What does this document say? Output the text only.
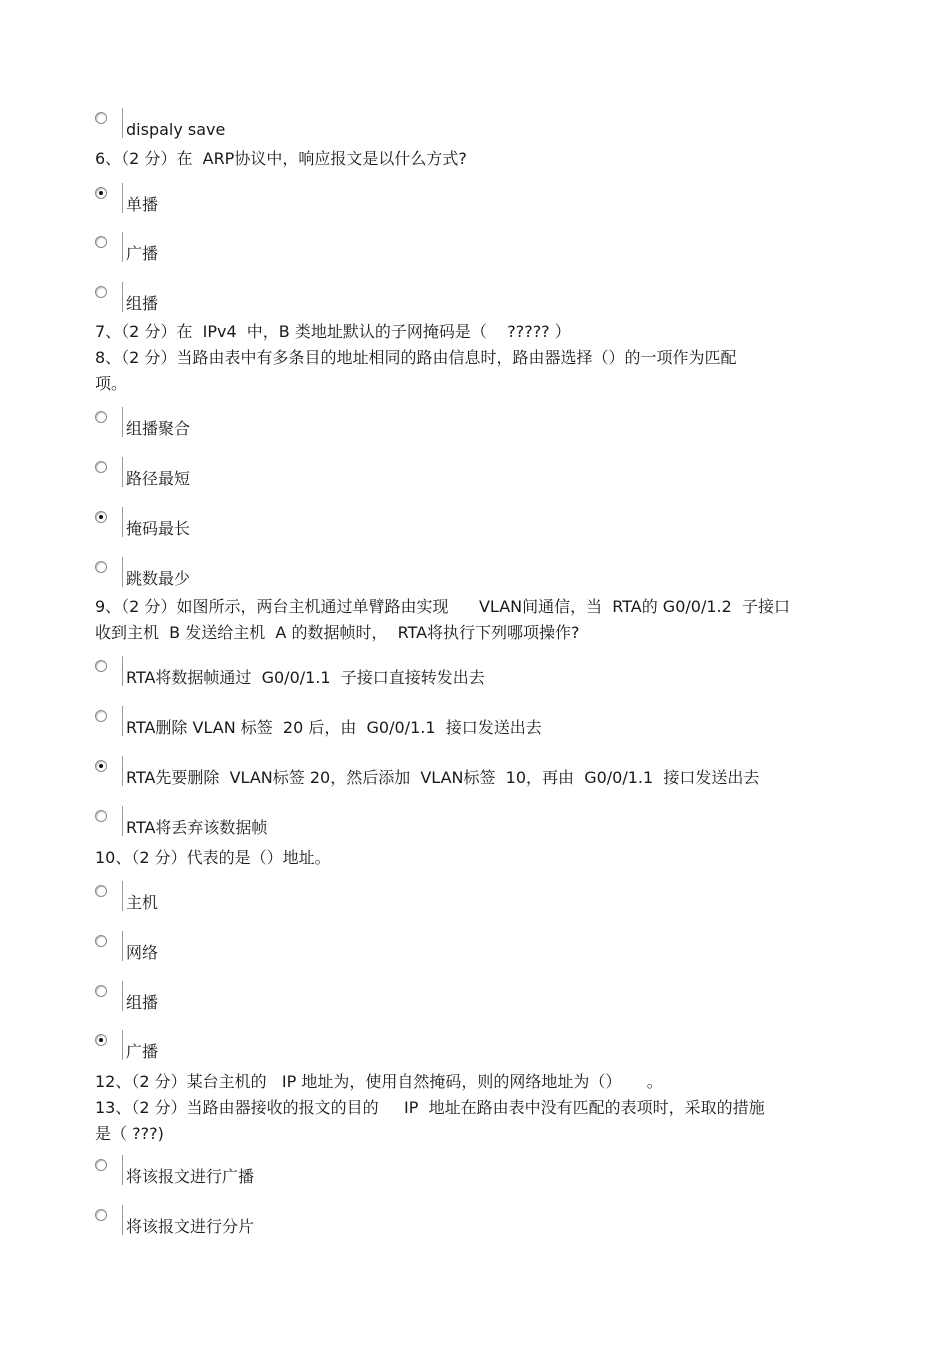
dispaly save

6、（2 分）在  ARP协议中，响应报文是以什么方式?

单播
广播
组播

7、（2 分）在  IPv4  中，B 类地址默认的子网掩码是（    ????? ）

8、（2 分）当路由表中有多条目的地址相同的路由信息时，路由器选择（）的一项作为匹配
项。

组播聚合
路径最短
掩码最长
跳数最少

9、（2 分）如图所示，两台主机通过单臂路由实现      VLAN间通信，当  RTA的 G0/0/1.2  子接口
收到主机  B 发送给主机  A 的数据帧时，  RTA将执行下列哪项操作?

RTA将数据帧通过  G0/0/1.1  子接口直接转发出去
RTA删除 VLAN 标签  20 后，由  G0/0/1.1  接口发送出去
RTA先要删除  VLAN标签 20，然后添加  VLAN标签  10，再由  G0/0/1.1  接口发送出去
RTA将丢弃该数据帧

10、（2 分）代表的是（）地址。

主机
网络
组播
广播

12、（2 分）某台主机的   IP 地址为，使用自然掩码，则的网络地址为（）     。

13、（2 分）当路由器接收的报文的目的     IP  地址在路由表中没有匹配的表项时，采取的措施
是（ ???)

将该报文进行广播
将该报文进行分片
